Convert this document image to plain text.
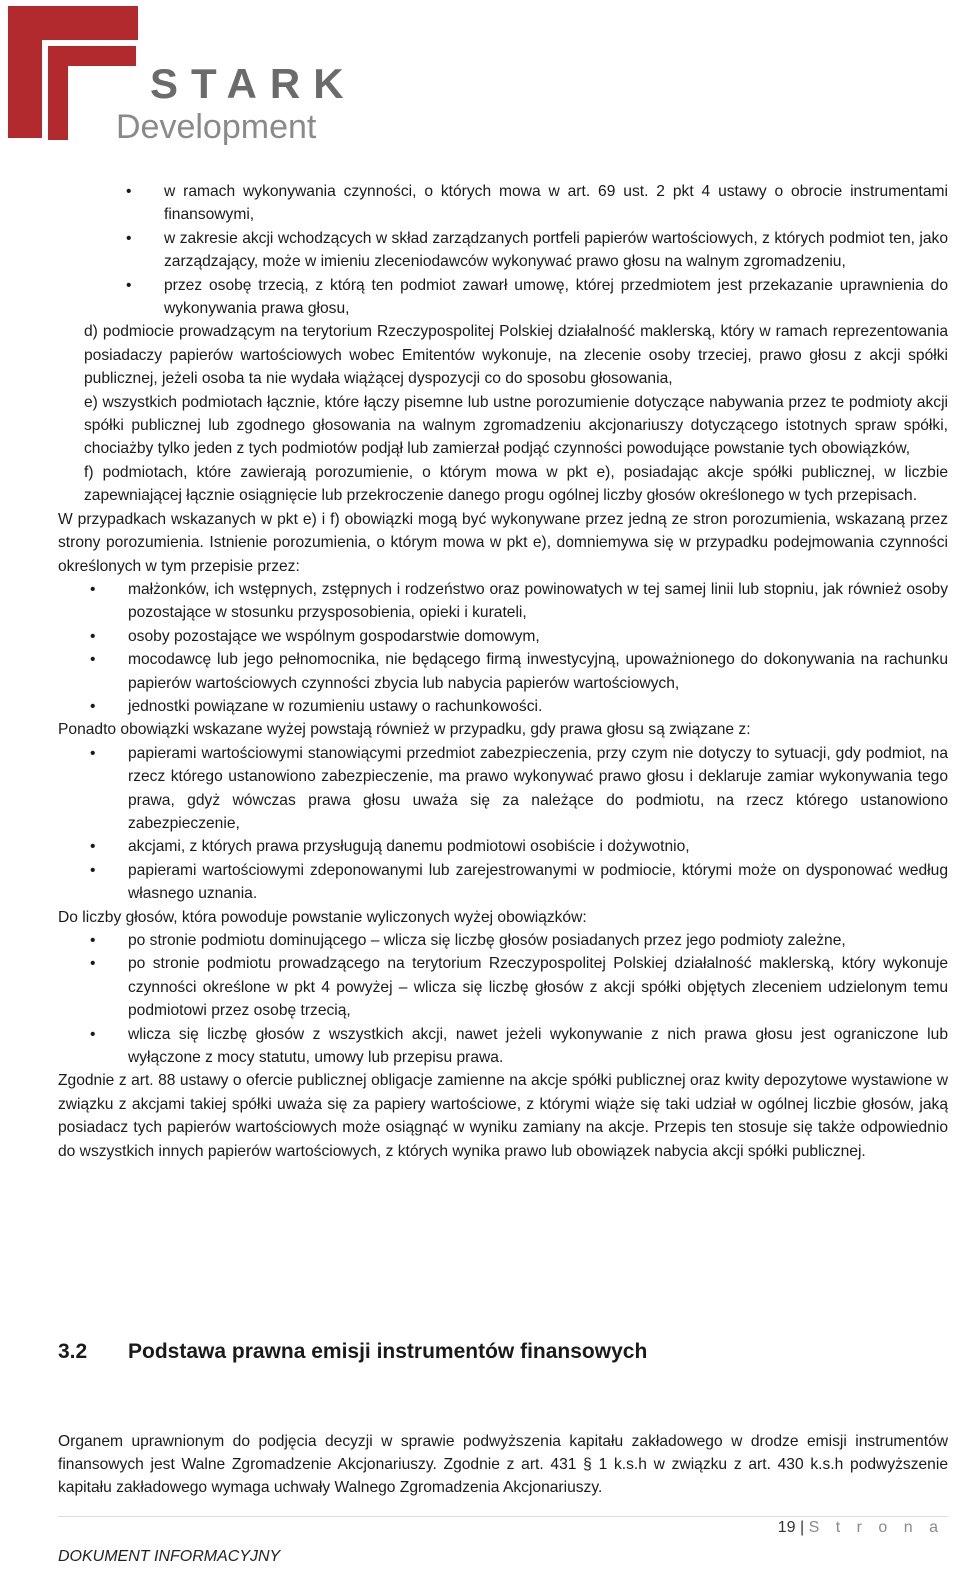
STARK
Development
• w ramach wykonywania czynności, o których mowa w art. 69 ust. 2 pkt 4 ustawy o obrocie instrumentami finansowymi,
• w zakresie akcji wchodzących w skład zarządzanych portfeli papierów wartościowych, z których podmiot ten, jako zarządzający, może w imieniu zleceniodawców wykonywać prawo głosu na walnym zgromadzeniu,
• przez osobę trzecią, z którą ten podmiot zawarł umowę, której przedmiotem jest przekazanie uprawnienia do wykonywania prawa głosu,

d) podmiocie prowadzącym na terytorium Rzeczypospolitej Polskiej działalność maklerską, który w ramach reprezentowania posiadaczy papierów wartościowych wobec Emitentów wykonuje, na zlecenie osoby trzeciej, prawo głosu z akcji spółki publicznej, jeżeli osoba ta nie wydała wiążącej dyspozycji co do sposobu głosowania,

e) wszystkich podmiotach łącznie, które łączy pisemne lub ustne porozumienie dotyczące nabywania przez te podmioty akcji spółki publicznej lub zgodnego głosowania na walnym zgromadzeniu akcjonariuszy dotyczącego istotnych spraw spółki, chociażby tylko jeden z tych podmiotów podjął lub zamierzał podjąć czynności powodujące powstanie tych obowiązków,

f) podmiotach, które zawierają porozumienie, o którym mowa w pkt e), posiadając akcje spółki publicznej, w liczbie zapewniającej łącznie osiągnięcie lub przekroczenie danego progu ogólnej liczby głosów określonego w tych przepisach.

W przypadkach wskazanych w pkt e) i f) obowiązki mogą być wykonywane przez jedną ze stron porozumienia, wskazaną przez strony porozumienia. Istnienie porozumienia, o którym mowa w pkt e), domniemywa się w przypadku podejmowania czynności określonych w tym przepisie przez:

• małżonków, ich wstępnych, zstępnych i rodzeństwo oraz powinowatych w tej samej linii lub stopniu, jak również osoby pozostające w stosunku przysposobienia, opieki i kurateli,
• osoby pozostające we wspólnym gospodarstwie domowym,
• mocodawcę lub jego pełnomocnika, nie będącego firmą inwestycyjną, upoważnionego do dokonywania na rachunku papierów wartościowych czynności zbycia lub nabycia papierów wartościowych,
• jednostki powiązane w rozumieniu ustawy o rachunkowości.

Ponadto obowiązki wskazane wyżej powstają również w przypadku, gdy prawa głosu są związane z:

• papierami wartościowymi stanowiącymi przedmiot zabezpieczenia, przy czym nie dotyczy to sytuacji, gdy podmiot, na rzecz którego ustanowiono zabezpieczenie, ma prawo wykonywać prawo głosu i deklaruje zamiar wykonywania tego prawa, gdyż wówczas prawa głosu uważa się za należące do podmiotu, na rzecz którego ustanowiono zabezpieczenie,
• akcjami, z których prawa przysługują danemu podmiotowi osobiście i dożywotnio,
• papierami wartościowymi zdeponowanymi lub zarejestrowanymi w podmiocie, którymi może on dysponować według własnego uznania.

Do liczby głosów, która powoduje powstanie wyliczonych wyżej obowiązków:

• po stronie podmiotu dominującego – wlicza się liczbę głosów posiadanych przez jego podmioty zależne,
• po stronie podmiotu prowadzącego na terytorium Rzeczypospolitej Polskiej działalność maklerską, który wykonuje czynności określone w pkt 4 powyżej – wlicza się liczbę głosów z akcji spółki objętych zleceniem udzielonym temu podmiotowi przez osobę trzecią,
• wlicza się liczbę głosów z wszystkich akcji, nawet jeżeli wykonywanie z nich prawa głosu jest ograniczone lub wyłączone z mocy statutu, umowy lub przepisu prawa.

Zgodnie z art. 88 ustawy o ofercie publicznej obligacje zamienne na akcje spółki publicznej oraz kwity depozytowe wystawione w związku z akcjami takiej spółki uważa się za papiery wartościowe, z którymi wiąże się taki udział w ogólnej liczbie głosów, jaką posiadacz tych papierów wartościowych może osiągnąć w wyniku zamiany na akcje. Przepis ten stosuje się także odpowiednio do wszystkich innych papierów wartościowych, z których wynika prawo lub obowiązek nabycia akcji spółki publicznej.

3.2 Podstawa prawna emisji instrumentów finansowych

Organem uprawnionym do podjęcia decyzji w sprawie podwyższenia kapitału zakładowego w drodze emisji instrumentów finansowych jest Walne Zgromadzenie Akcjonariuszy. Zgodnie z art. 431 § 1 k.s.h w związku z art. 430 k.s.h podwyższenie kapitału zakładowego wymaga uchwały Walnego Zgromadzenia Akcjonariuszy.

19 | S t r o n a
DOKUMENT INFORMACYJNY
